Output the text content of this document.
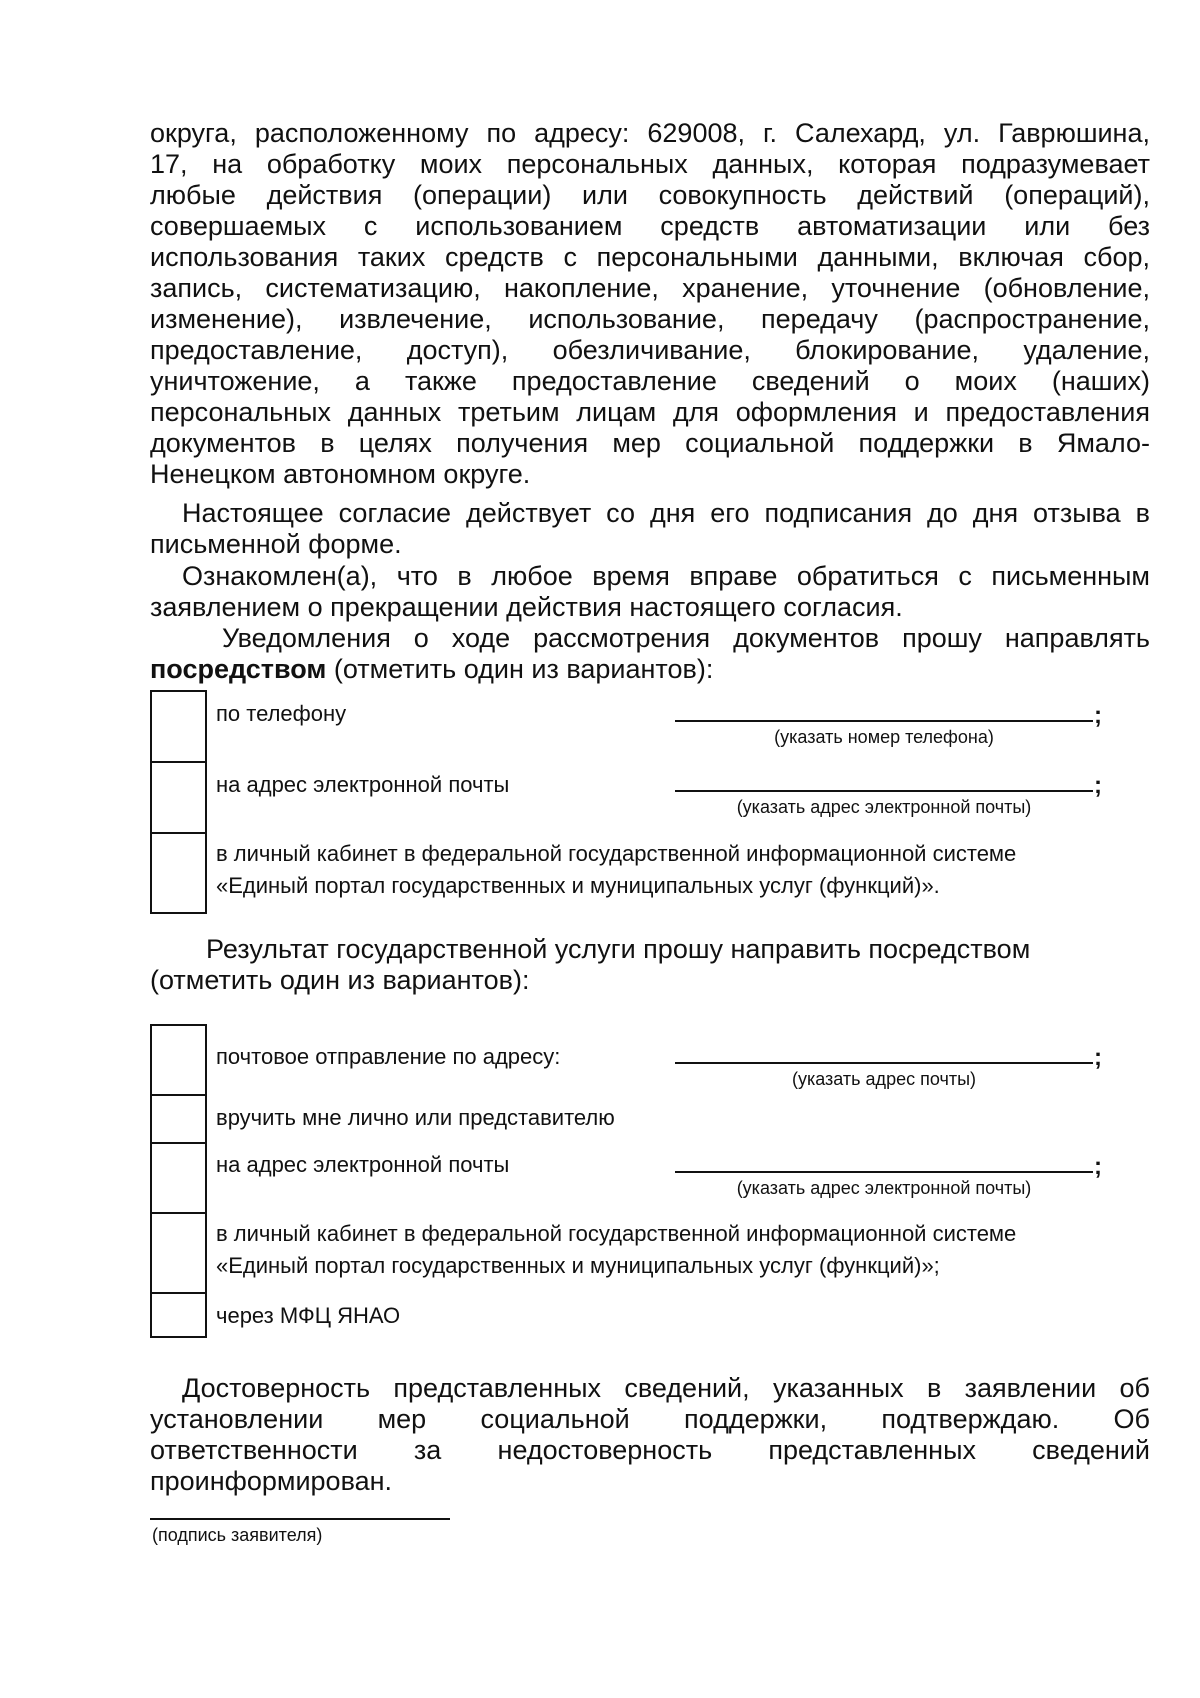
округа, расположенному по адресу: 629008, г. Салехард, ул. Гаврюшина,
17, на обработку моих персональных данных, которая подразумевает
любые действия (операции) или совокупность действий (операций),
совершаемых с использованием средств автоматизации или без
использования таких средств с персональными данными, включая сбор,
запись, систематизацию, накопление, хранение, уточнение (обновление,
изменение), извлечение, использование, передачу (распространение,
предоставление, доступ), обезличивание, блокирование, удаление,
уничтожение, а также предоставление сведений о моих (наших)
персональных данных третьим лицам для оформления и предоставления
документов в целях получения мер социальной поддержки в Ямало-
Ненецком автономном округе.
Настоящее согласие действует со дня его подписания до дня отзыва в
письменной форме.
Ознакомлен(а), что в любое время вправе обратиться с письменным
заявлением о прекращении действия настоящего согласия.
Уведомления о ходе рассмотрения документов прошу направлять
посредством (отметить один из вариантов):
по телефону	;
(указать номер телефона)
на адрес электронной почты	;
(указать адрес электронной почты)
в личный кабинет в федеральной государственной информационной системе
«Единый портал государственных и муниципальных услуг (функций)».
Результат государственной услуги прошу направить посредством
(отметить один из вариантов):
почтовое отправление по адресу:	;
(указать адрес почты)
вручить мне лично или представителю
на адрес электронной почты	;
(указать адрес электронной почты)
в личный кабинет в федеральной государственной информационной системе
«Единый портал государственных и муниципальных услуг (функций)»;
через МФЦ ЯНАО
Достоверность представленных сведений, указанных в заявлении об
установлении мер социальной поддержки, подтверждаю. Об
ответственности за недостоверность представленных сведений
проинформирован.
(подпись заявителя)
